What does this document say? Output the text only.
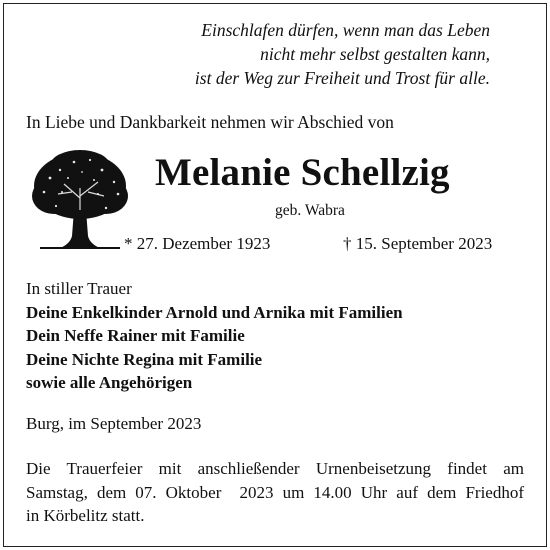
Einschlafen dürfen, wenn man das Leben
nicht mehr selbst gestalten kann,
ist der Weg zur Freiheit und Trost für alle.
In Liebe und Dankbarkeit nehmen wir Abschied von
Melanie Schellzig
geb. Wabra
* 27. Dezember 1923	† 15. September 2023
In stiller Trauer
Deine Enkelkinder Arnold und Arnika mit Familien
Dein Neffe Rainer mit Familie
Deine Nichte Regina mit Familie
sowie alle Angehörigen
Burg, im September 2023
Die Trauerfeier mit anschließender Urnenbeisetzung findet am
Samstag, dem 07. Oktober  2023 um 14.00 Uhr auf dem Friedhof
in Körbelitz statt.
